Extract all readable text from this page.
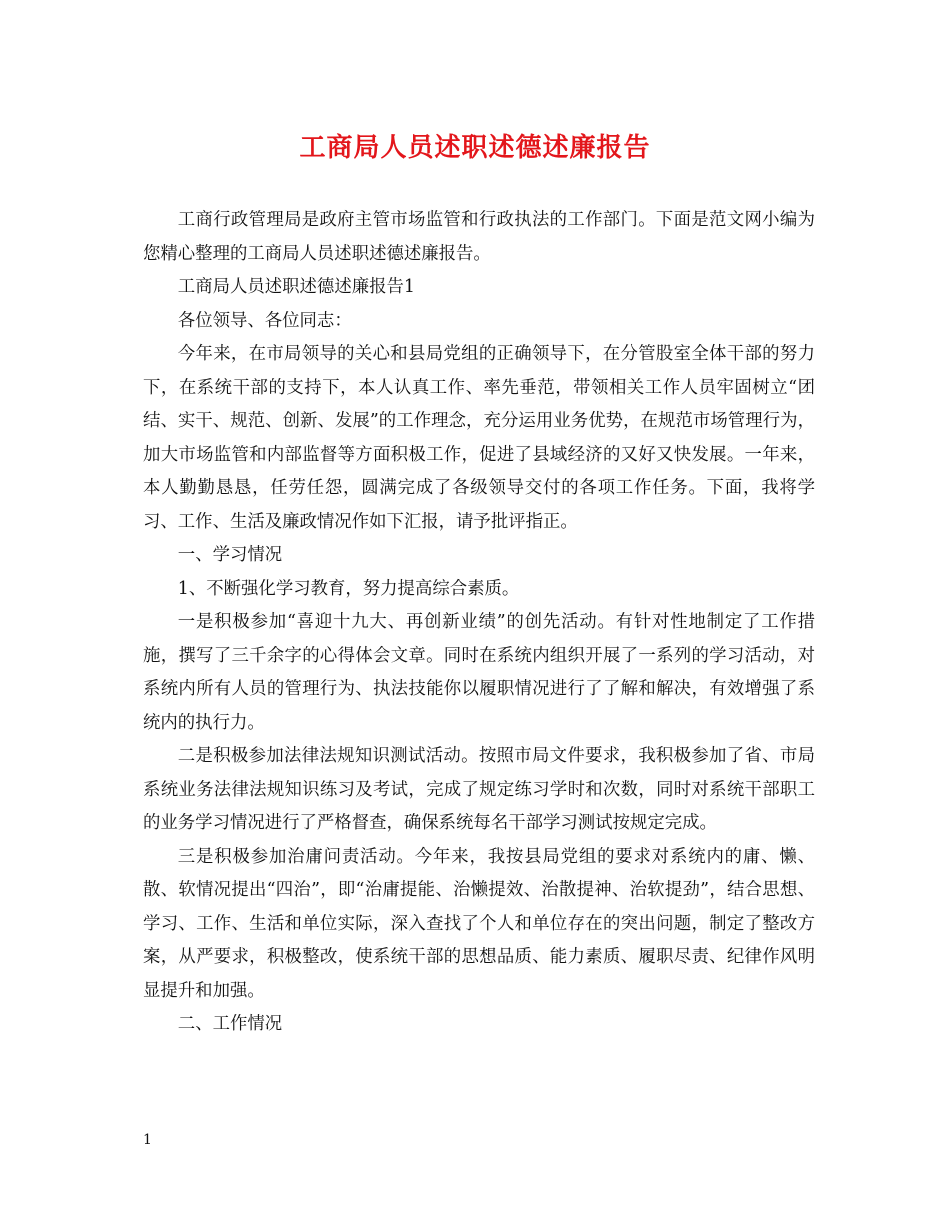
工商局人员述职述德述廉报告

工商行政管理局是政府主管市场监管和行政执法的工作部门。下面是范文网小编为您精心整理的工商局人员述职述德述廉报告。

工商局人员述职述德述廉报告1

各位领导、各位同志：

今年来，在市局领导的关心和县局党组的正确领导下，在分管股室全体干部的努力下，在系统干部的支持下，本人认真工作、率先垂范，带领相关工作人员牢固树立“团结、实干、规范、创新、发展”的工作理念，充分运用业务优势，在规范市场管理行为，加大市场监管和内部监督等方面积极工作，促进了县域经济的又好又快发展。一年来，本人勤勤恳恳，任劳任怨，圆满完成了各级领导交付的各项工作任务。下面，我将学习、工作、生活及廉政情况作如下汇报，请予批评指正。

一、学习情况

1、不断强化学习教育，努力提高综合素质。

一是积极参加“喜迎十九大、再创新业绩”的创先活动。有针对性地制定了工作措施，撰写了三千余字的心得体会文章。同时在系统内组织开展了一系列的学习活动，对系统内所有人员的管理行为、执法技能你以履职情况进行了了解和解决，有效增强了系统内的执行力。

二是积极参加法律法规知识测试活动。按照市局文件要求，我积极参加了省、市局系统业务法律法规知识练习及考试，完成了规定练习学时和次数，同时对系统干部职工的业务学习情况进行了严格督查，确保系统每名干部学习测试按规定完成。

三是积极参加治庸问责活动。今年来，我按县局党组的要求对系统内的庸、懒、散、软情况提出“四治”，即“治庸提能、治懒提效、治散提神、治软提劲”，结合思想、学习、工作、生活和单位实际，深入查找了个人和单位存在的突出问题，制定了整改方案，从严要求，积极整改，使系统干部的思想品质、能力素质、履职尽责、纪律作风明显提升和加强。

二、工作情况

1
